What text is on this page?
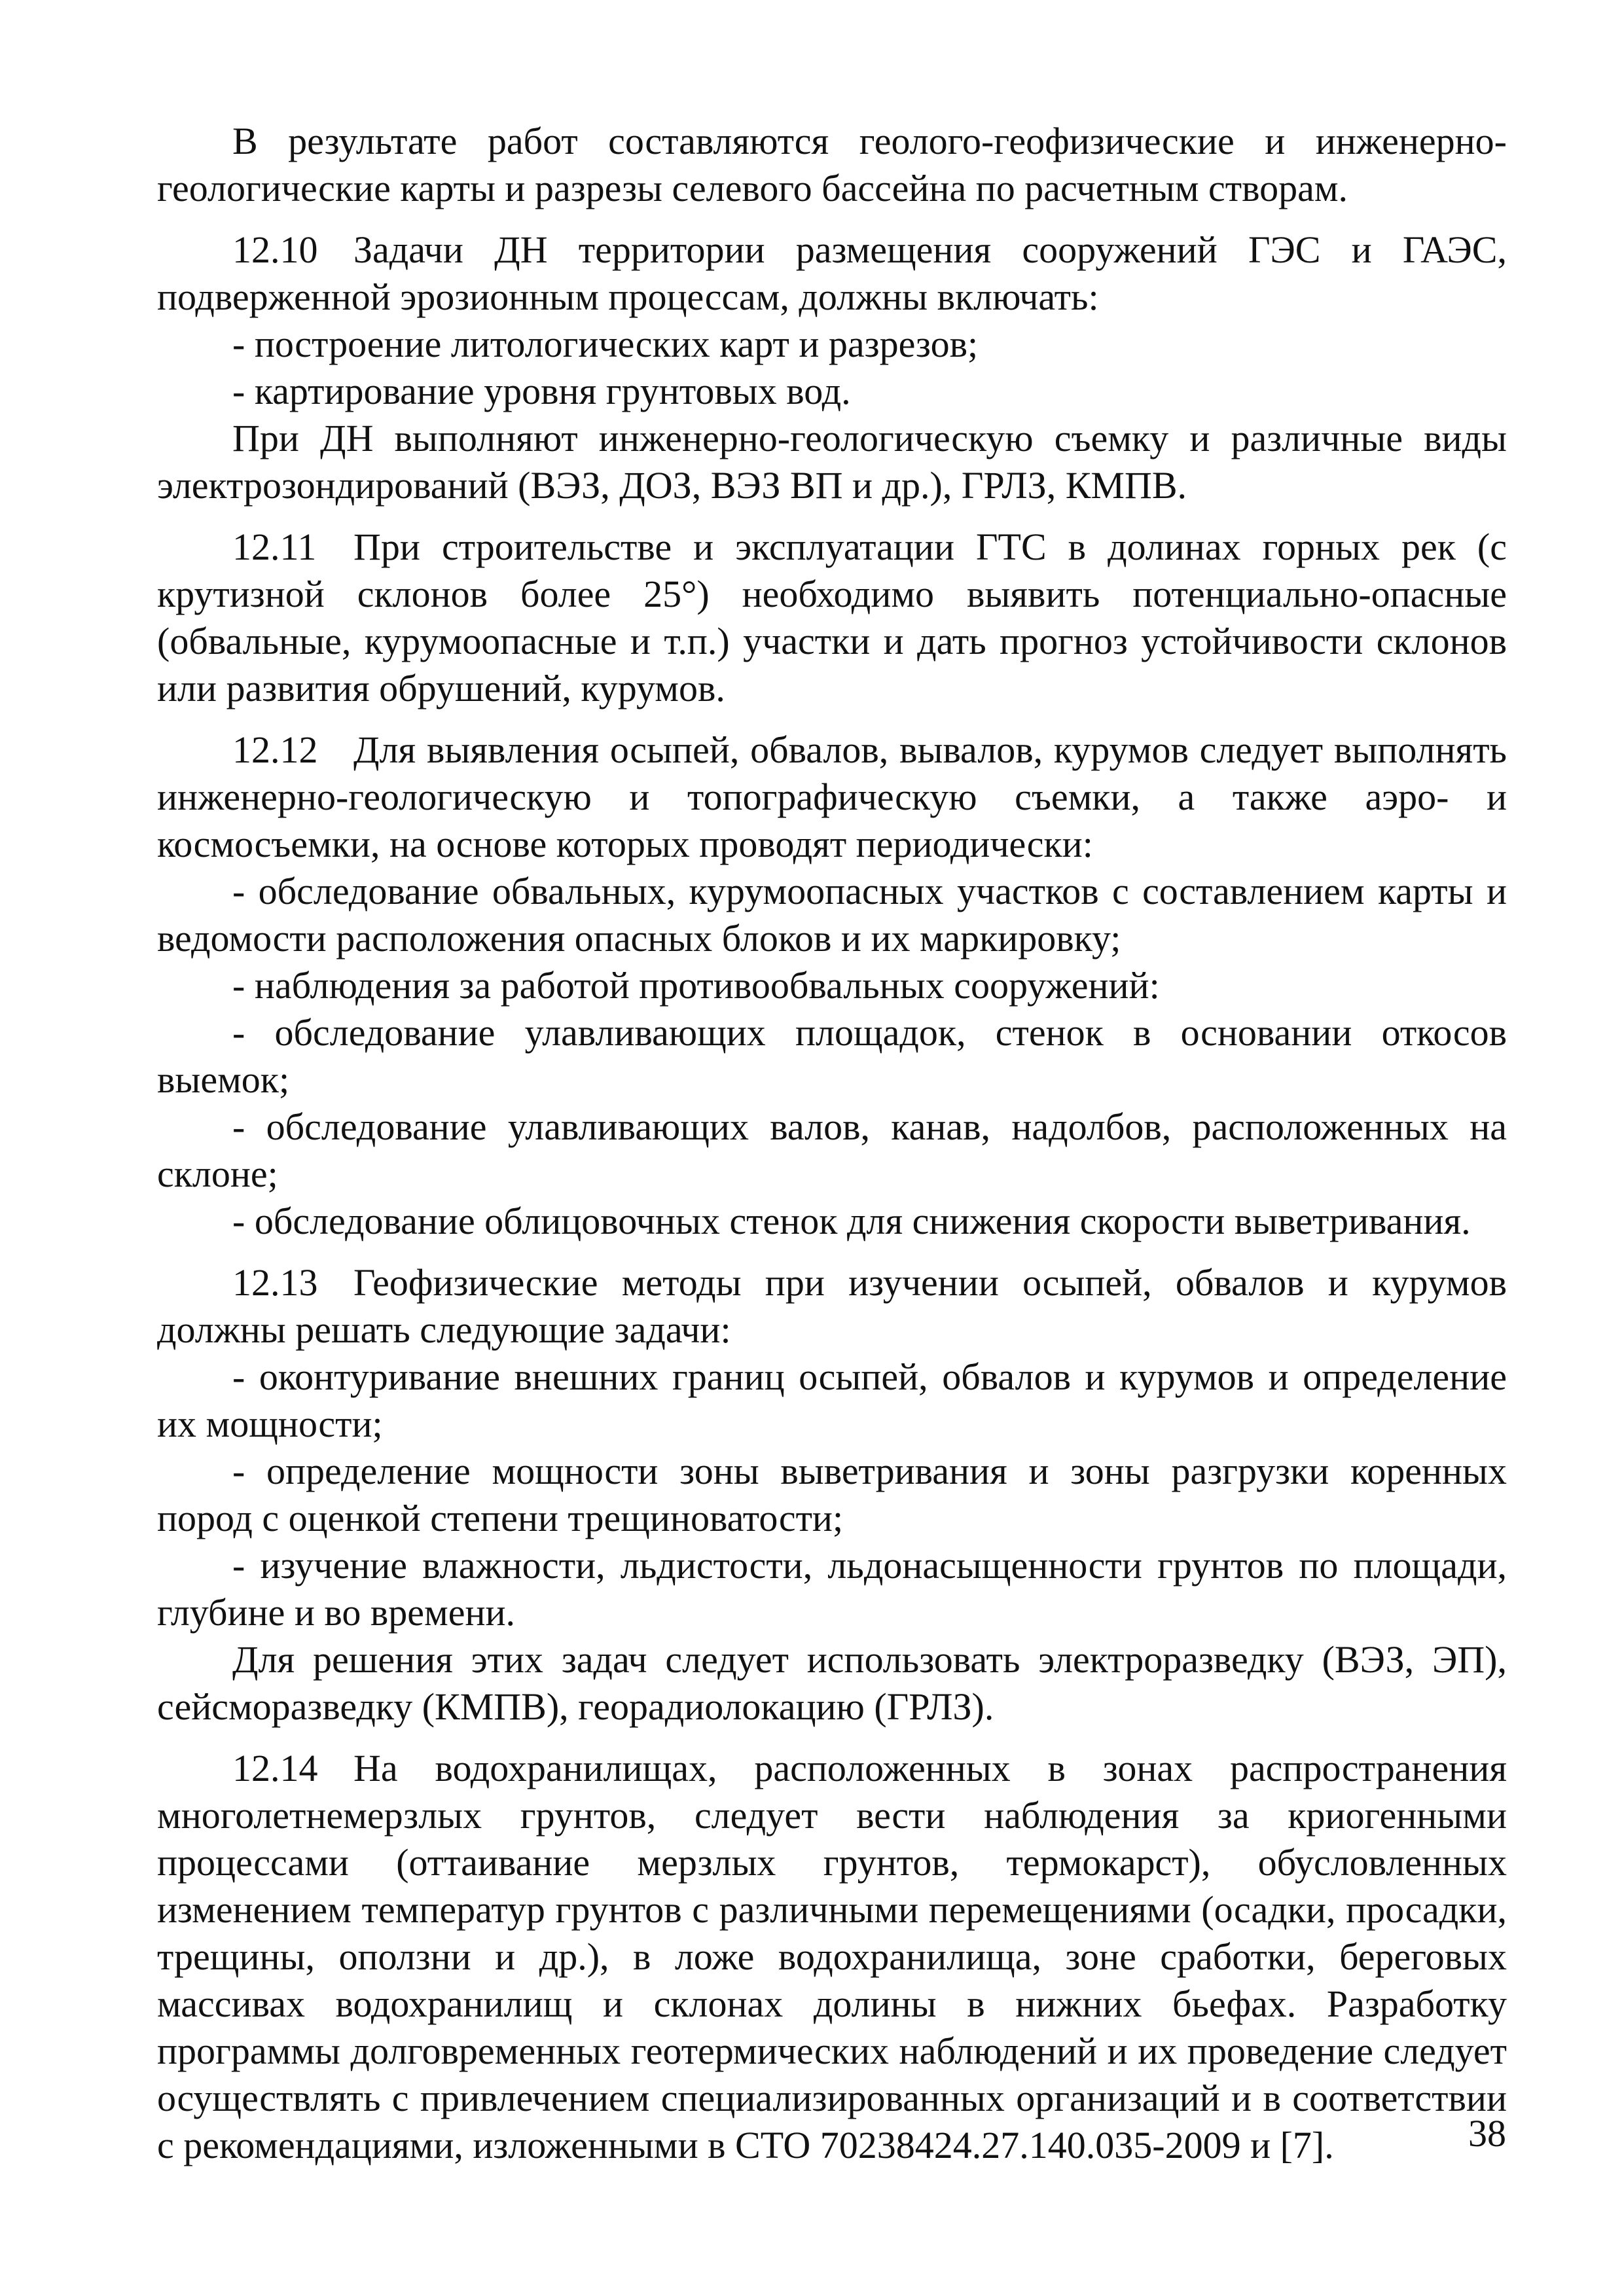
В результате работ составляются геолого-геофизические и инженерно-геологические карты и разрезы селевого бассейна по расчетным створам.

12.10 Задачи ДН территории размещения сооружений ГЭС и ГАЭС, подверженной эрозионным процессам, должны включать:

- построение литологических карт и разрезов;

- картирование уровня грунтовых вод.

При ДН выполняют инженерно-геологическую съемку и различные виды электрозондирований (ВЭЗ, ДОЗ, ВЭЗ ВП и др.), ГРЛЗ, КМПВ.

12.11 При строительстве и эксплуатации ГТС в долинах горных рек (с крутизной склонов более 25°) необходимо выявить потенциально-опасные (обвальные, курумоопасные и т.п.) участки и дать прогноз устойчивости склонов или развития обрушений, курумов.

12.12 Для выявления осыпей, обвалов, вывалов, курумов следует выполнять инженерно-геологическую и топографическую съемки, а также аэро- и космосъемки, на основе которых проводят периодически:

- обследование обвальных, курумоопасных участков с составлением карты и ведомости расположения опасных блоков и их маркировку;

- наблюдения за работой противообвальных сооружений:

- обследование улавливающих площадок, стенок в основании откосов выемок;

- обследование улавливающих валов, канав, надолбов, расположенных на склоне;

- обследование облицовочных стенок для снижения скорости выветривания.

12.13 Геофизические методы при изучении осыпей, обвалов и курумов должны решать следующие задачи:

- оконтуривание внешних границ осыпей, обвалов и курумов и определение их мощности;

- определение мощности зоны выветривания и зоны разгрузки коренных пород с оценкой степени трещиноватости;

- изучение влажности, льдистости, льдонасыщенности грунтов по площади, глубине и во времени.

Для решения этих задач следует использовать электроразведку (ВЭЗ, ЭП), сейсморазведку (КМПВ), георадиолокацию (ГРЛЗ).

12.14 На водохранилищах, расположенных в зонах распространения многолетнемерзлых грунтов, следует вести наблюдения за криогенными процессами (оттаивание мерзлых грунтов, термокарст), обусловленных изменением температур грунтов с различными перемещениями (осадки, просадки, трещины, оползни и др.), в ложе водохранилища, зоне сработки, береговых массивах водохранилищ и склонах долины в нижних бьефах. Разработку программы долговременных геотермических наблюдений и их проведение следует осуществлять с привлечением специализированных организаций и в соответствии с рекомендациями, изложенными в СТО 70238424.27.140.035-2009 и [7].	38
